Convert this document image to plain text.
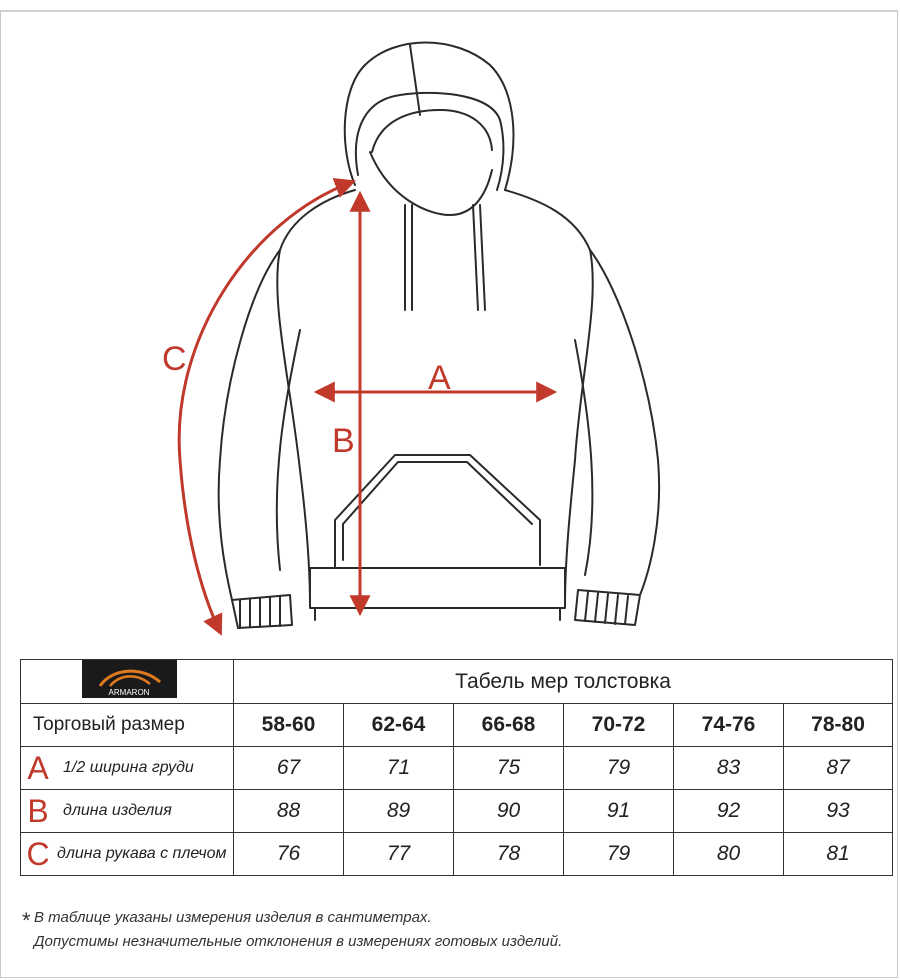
A
B
C
ARMARON	Табель мер толстовка					
Торговый размер	58-60	62-64	66-68	70-72	74-76	78-80

A 1/2 ширина груди	67	71	75	79	83	87

B длина изделия	88	89	90	91	92	93

C длина рукава с плечом	76	77	78	79	80	81
* В таблице указаны измерения изделия в сантиметрах.
Допустимы незначительные отклонения в измерениях готовых изделий.
